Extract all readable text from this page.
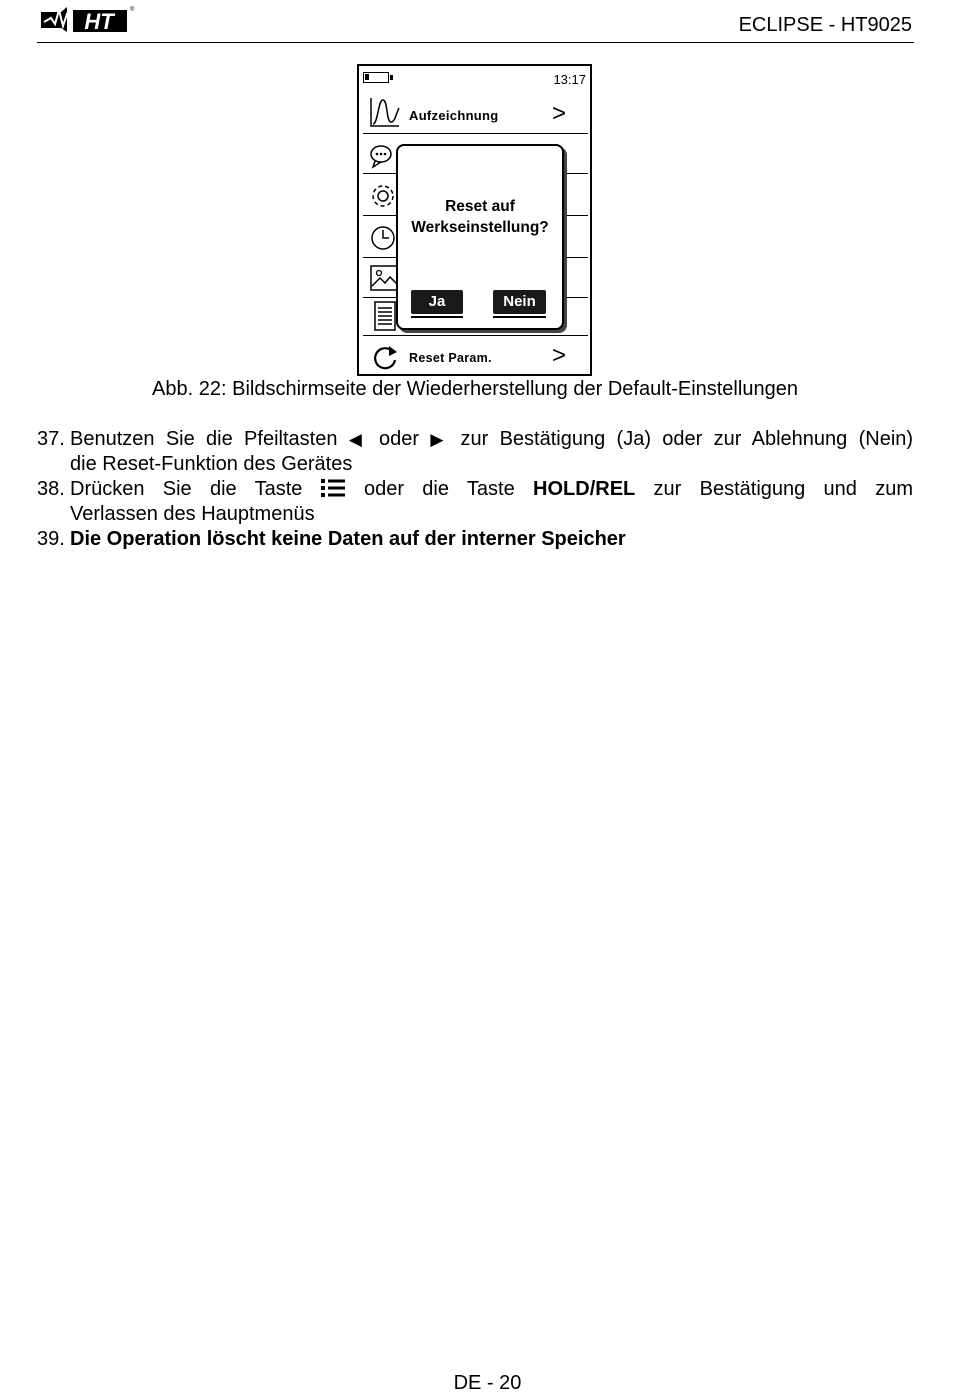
HT	®
ECLIPSE - HT9025
13:17
Aufzeichnung >
Reset Param.	>
Reset auf
Werkseinstellung?
Ja	Nein
Abb. 22: Bildschirmseite der Wiederherstellung der Default-Einstellungen
37. Benutzen Sie die Pfeiltasten ◀ oder ▶ zur Bestätigung (Ja) oder zur Ablehnung (Nein)
die Reset-Funktion des Gerätes
38. Drücken Sie die Taste	oder die Taste HOLD/REL zur Bestätigung und zum
Verlassen des Hauptmenüs
39. Die Operation löscht keine Daten auf der interner Speicher
DE - 20
